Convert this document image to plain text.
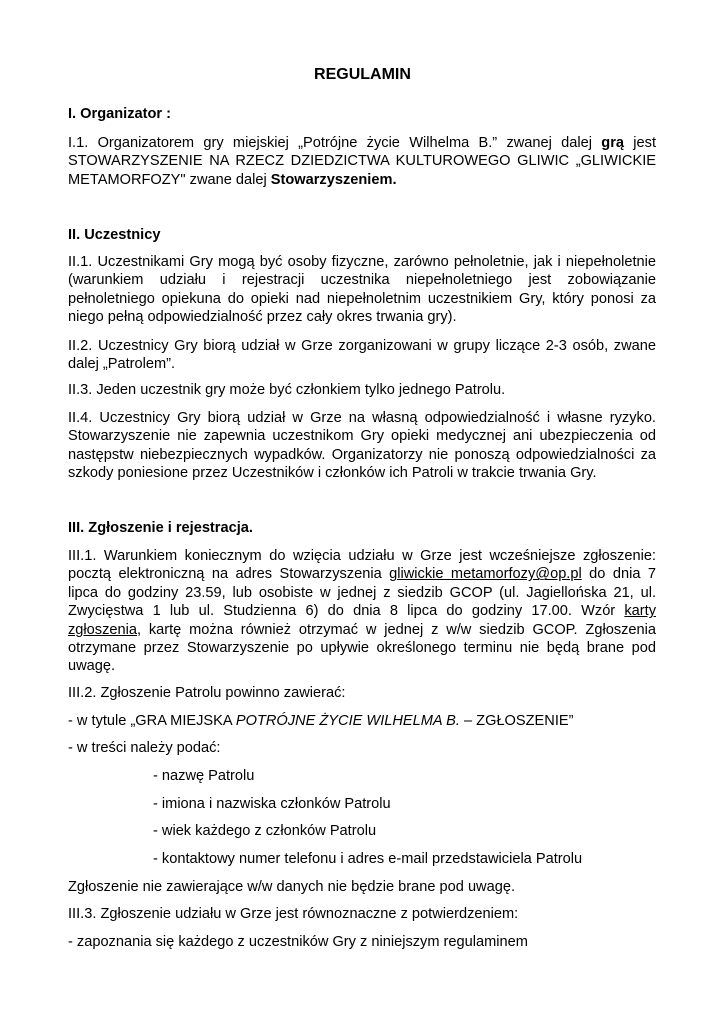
REGULAMIN
I. Organizator :
I.1. Organizatorem gry miejskiej „Potrójne życie Wilhelma B.” zwanej dalej grą jest STOWARZYSZENIE NA RZECZ DZIEDZICTWA KULTUROWEGO GLIWIC „GLIWICKIE METAMORFOZY" zwane dalej Stowarzyszeniem.
II. Uczestnicy
II.1. Uczestnikami Gry mogą być osoby fizyczne, zarówno pełnoletnie, jak i niepełnoletnie (warunkiem udziału i rejestracji uczestnika niepełnoletniego jest zobowiązanie pełnoletniego opiekuna do opieki nad niepełnoletnim uczestnikiem Gry, który ponosi za niego pełną odpowiedzialność przez cały okres trwania gry).
II.2. Uczestnicy Gry biorą udział w Grze zorganizowani w grupy liczące 2-3 osób, zwane dalej „Patrolem”.
II.3. Jeden uczestnik gry może być członkiem tylko jednego Patrolu.
II.4. Uczestnicy Gry biorą udział w Grze na własną odpowiedzialność i własne ryzyko. Stowarzyszenie nie zapewnia uczestnikom Gry opieki medycznej ani ubezpieczenia od następstw niebezpiecznych wypadków. Organizatorzy nie ponoszą odpowiedzialności za szkody poniesione przez Uczestników i członków ich Patroli w trakcie trwania Gry.
III. Zgłoszenie i rejestracja.
III.1. Warunkiem koniecznym do wzięcia udziału w Grze jest wcześniejsze zgłoszenie: pocztą elektroniczną na adres Stowarzyszenia gliwickie metamorfozy@op.pl do dnia 7 lipca do godziny 23.59, lub osobiste w jednej z siedzib GCOP (ul. Jagiellońska 21, ul. Zwycięstwa 1 lub ul. Studzienna 6) do dnia 8 lipca do godziny 17.00. Wzór karty zgłoszenia, kartę można również otrzymać w jednej z w/w siedzib GCOP. Zgłoszenia otrzymane przez Stowarzyszenie po upływie określonego terminu nie będą brane pod uwagę.
III.2. Zgłoszenie Patrolu powinno zawierać:
- w tytule „GRA MIEJSKA POTRÓJNE ŻYCIE WILHELMA B. – ZGŁOSZENIE”
- w treści należy podać:
- nazwę Patrolu
- imiona i nazwiska członków Patrolu
- wiek każdego z członków Patrolu
- kontaktowy numer telefonu i adres e-mail przedstawiciela Patrolu
Zgłoszenie nie zawierające w/w danych nie będzie brane pod uwagę.
III.3. Zgłoszenie udziału w Grze jest równoznaczne z potwierdzeniem:
- zapoznania się każdego z uczestników Gry z niniejszym regulaminem
